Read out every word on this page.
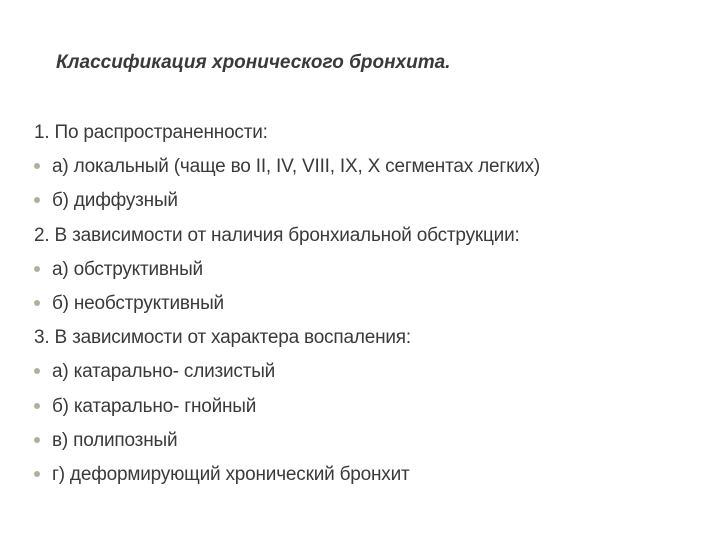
Классификация хронического бронхита.
1. По распространенности:
а) локальный (чаще во II, IV, VIII, IX, X сегментах легких)
б) диффузный
2. В зависимости от наличия бронхиальной обструкции:
а) обструктивный
б) необструктивный
3. В зависимости от характера воспаления:
а) катарально- слизистый
б) катарально- гнойный
в) полипозный
г) деформирующий хронический бронхит
